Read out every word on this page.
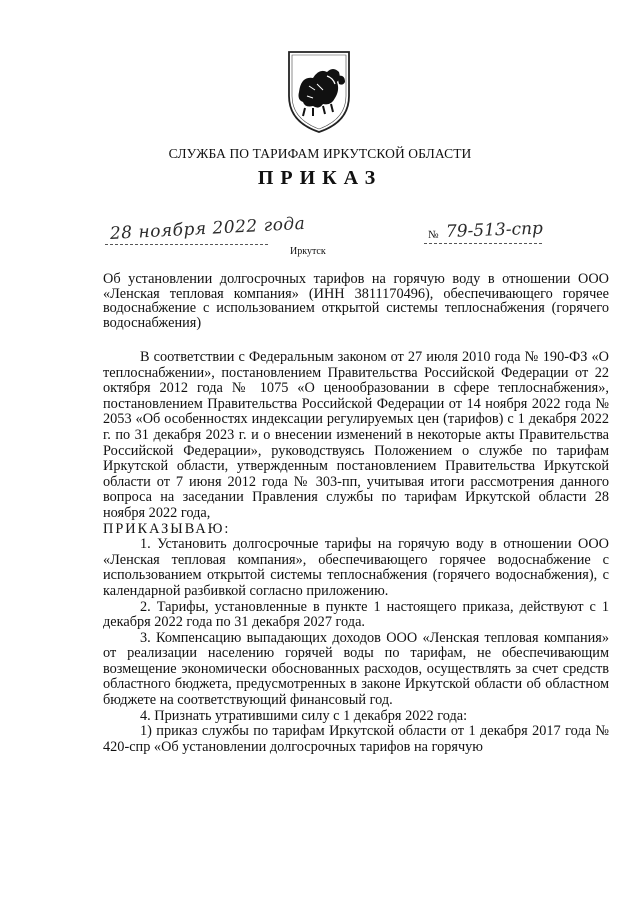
СЛУЖБА ПО ТАРИФАМ ИРКУТСКОЙ ОБЛАСТИ
ПРИКАЗ
28 ноября 2022 года
Иркутск
№ 79-513-спр
Об установлении долгосрочных тарифов на горячую воду в отношении ООО «Ленская тепловая компания» (ИНН 3811170496), обеспечивающего горячее водоснабжение с использованием открытой системы теплоснабжения (горячего водоснабжения)

В соответствии с Федеральным законом от 27 июля 2010 года № 190-ФЗ «О теплоснабжении», постановлением Правительства Российской Федерации от 22 октября 2012 года № 1075 «О ценообразовании в сфере теплоснабжения», постановлением Правительства Российской Федерации от 14 ноября 2022 года № 2053 «Об особенностях индексации регулируемых цен (тарифов) с 1 декабря 2022 г. по 31 декабря 2023 г. и о внесении изменений в некоторые акты Правительства Российской Федерации», руководствуясь Положением о службе по тарифам Иркутской области, утвержденным постановлением Правительства Иркутской области от 7 июня 2012 года № 303-пп, учитывая итоги рассмотрения данного вопроса на заседании Правления службы по тарифам Иркутской области 28 ноября 2022 года,

ПРИКАЗЫВАЮ:

1. Установить долгосрочные тарифы на горячую воду в отношении ООО «Ленская тепловая компания», обеспечивающего горячее водоснабжение с использованием открытой системы теплоснабжения (горячего водоснабжения), с календарной разбивкой согласно приложению.

2. Тарифы, установленные в пункте 1 настоящего приказа, действуют с 1 декабря 2022 года по 31 декабря 2027 года.

3. Компенсацию выпадающих доходов ООО «Ленская тепловая компания» от реализации населению горячей воды по тарифам, не обеспечивающим возмещение экономически обоснованных расходов, осуществлять за счет средств областного бюджета, предусмотренных в законе Иркутской области об областном бюджете на соответствующий финансовый год.

4. Признать утратившими силу с 1 декабря 2022 года:

1) приказ службы по тарифам Иркутской области от 1 декабря 2017 года № 420-спр «Об установлении долгосрочных тарифов на горячую
